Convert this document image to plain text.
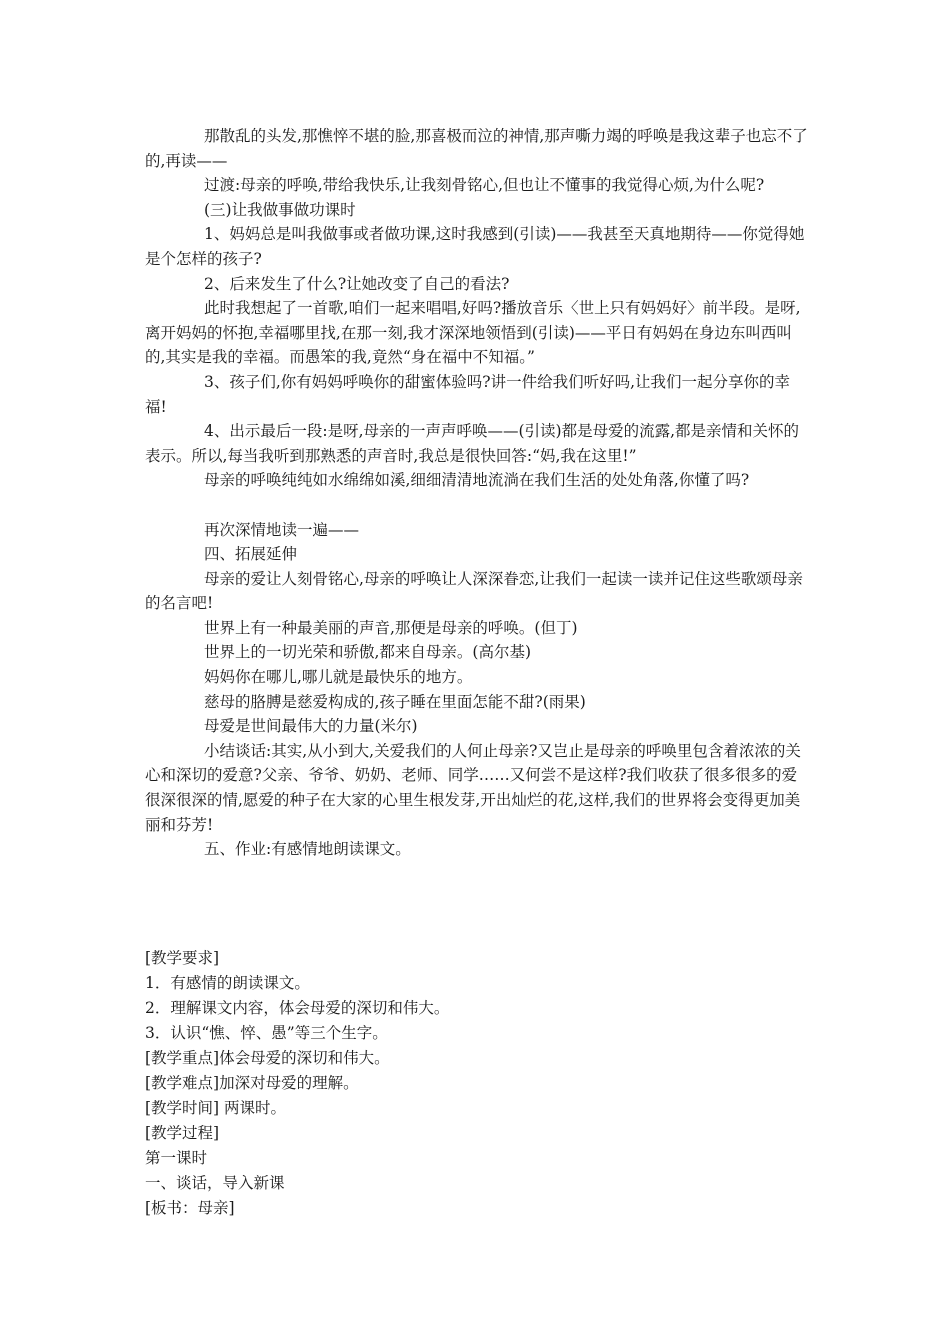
那散乱的头发,那憔悴不堪的脸,那喜极而泣的神情,那声嘶力竭的呼唤是我这辈子也忘不了的,再读——

过渡:母亲的呼唤,带给我快乐,让我刻骨铭心,但也让不懂事的我觉得心烦,为什么呢?

(三)让我做事做功课时

1、妈妈总是叫我做事或者做功课,这时我感到(引读)——我甚至天真地期待——你觉得她是个怎样的孩子?

2、后来发生了什么?让她改变了自己的看法?

此时我想起了一首歌,咱们一起来唱唱,好吗?播放音乐〈世上只有妈妈好〉前半段。是呀,离开妈妈的怀抱,幸福哪里找,在那一刻,我才深深地领悟到(引读)——平日有妈妈在身边东叫西叫的,其实是我的幸福。而愚笨的我,竟然“身在福中不知福。”

3、孩子们,你有妈妈呼唤你的甜蜜体验吗?讲一件给我们听好吗,让我们一起分享你的幸福!

4、出示最后一段:是呀,母亲的一声声呼唤——(引读)都是母爱的流露,都是亲情和关怀的表示。所以,每当我听到那熟悉的声音时,我总是很快回答:“妈,我在这里!”

母亲的呼唤纯纯如水绵绵如溪,细细清清地流淌在我们生活的处处角落,你懂了吗?

再次深情地读一遍——

四、拓展延伸

母亲的爱让人刻骨铭心,母亲的呼唤让人深深眷恋,让我们一起读一读并记住这些歌颂母亲的名言吧!

世界上有一种最美丽的声音,那便是母亲的呼唤。(但丁)

世界上的一切光荣和骄傲,都来自母亲。(高尔基)

妈妈你在哪儿,哪儿就是最快乐的地方。

慈母的胳膊是慈爱构成的,孩子睡在里面怎能不甜?(雨果)

母爱是世间最伟大的力量(米尔)

小结谈话:其实,从小到大,关爱我们的人何止母亲?又岂止是母亲的呼唤里包含着浓浓的关心和深切的爱意?父亲、爷爷、奶奶、老师、同学……又何尝不是这样?我们收获了很多很多的爱很深很深的情,愿爱的种子在大家的心里生根发芽,开出灿烂的花,这样,我们的世界将会变得更加美丽和芬芳!

五、作业:有感情地朗读课文。

[教学要求]

1．有感情的朗读课文。

2．理解课文内容，体会母爱的深切和伟大。

3．认识“憔、悴、愚”等三个生字。

[教学重点]体会母爱的深切和伟大。

[教学难点]加深对母爱的理解。

[教学时间] 两课时。

[教学过程]

第一课时

一、谈话，导入新课

[板书：母亲]
